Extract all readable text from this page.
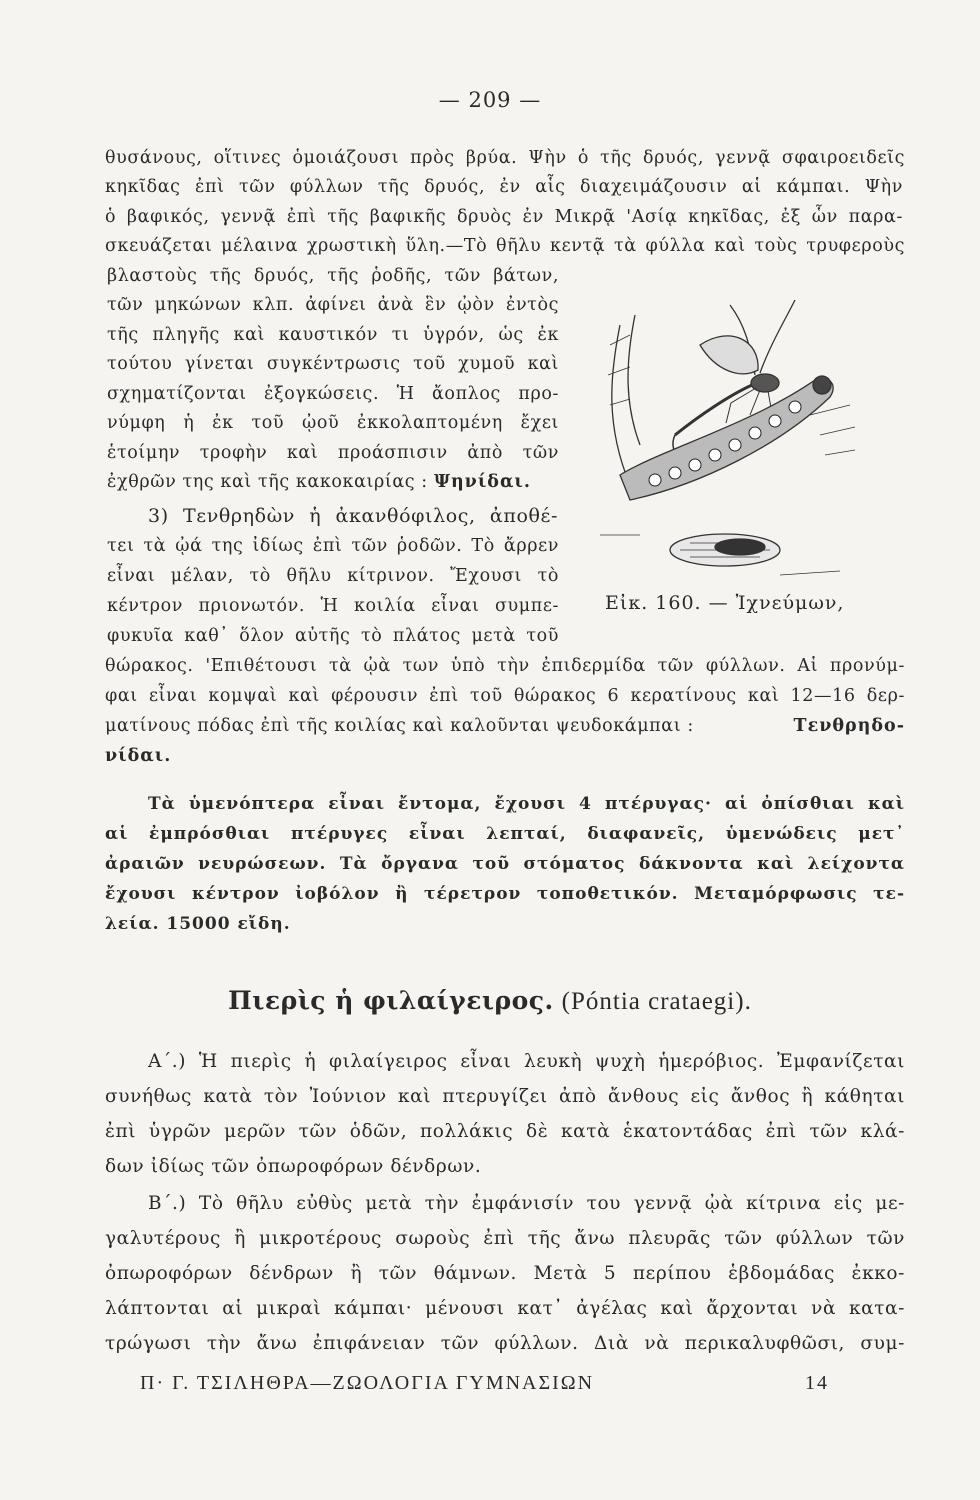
— 209 —
θυσάνους, οἵτινες ὁμοιάζουσι πρὸς βρύα. Ψὴν ὁ τῆς δρυός, γεννᾷ σφαιροειδεῖς
κηκῖδας ἐπὶ τῶν φύλλων τῆς δρυός, ἐν αἷς διαχειμάζουσιν αἱ κάμπαι. Ψὴν
ὁ βαφικός, γεννᾷ ἐπὶ τῆς βαφικῆς δρυὸς ἐν Μικρᾷ 'Ασίᾳ κηκῖδας, ἐξ ὧν παρα-
σκευάζεται μέλαινα χρωστικὴ ὕλη.—Τὸ θῆλυ κεντᾷ τὰ φύλλα καὶ τοὺς τρυφεροὺς
βλαστοὺς τῆς δρυός, τῆς ῥοδῆς, τῶν βάτων,
τῶν μηκώνων κλπ. ἀφίνει ἀνὰ ἓν ᾠὸν ἐντὸς
τῆς πληγῆς καὶ καυστικόν τι ὑγρόν, ὡς ἐκ
τούτου γίνεται συγκέντρωσις τοῦ χυμοῦ καὶ
σχηματίζονται ἐξογκώσεις. Ἡ ἄοπλος προ-
νύμφη ἡ ἐκ τοῦ ᾠοῦ ἐκκολαπτομένη ἔχει
ἑτοίμην τροφὴν καὶ προάσπισιν ἀπὸ τῶν
ἐχθρῶν της καὶ τῆς κακοκαιρίας : Ψηνίδαι.
3) Τενθρηδὼν ἡ ἀκανθόφιλος, ἀποθέ-
τει τὰ ᾠά της ἰδίως ἐπὶ τῶν ῥοδῶν. Τὸ ἄρρεν
εἶναι μέλαν, τὸ θῆλυ κίτρινον. Ἔχουσι τὸ
κέντρον πριονωτόν. Ἡ κοιλία εἶναι συμπε-
φυκυῖα καθ᾿ ὅλον αὐτῆς τὸ πλάτος μετὰ τοῦ
Εἰκ. 160. — Ἰχνεύμων,
θώρακος. 'Επιθέτουσι τὰ ᾠὰ των ὑπὸ τὴν ἐπιδερμίδα τῶν φύλλων. Αἱ προνύμ-
φαι εἶναι κομψαὶ καὶ φέρουσιν ἐπὶ τοῦ θώρακος 6 κερατίνους καὶ 12—16 δερ-
ματίνους πόδας ἐπὶ τῆς κοιλίας καὶ καλοῦνται ψευδοκάμπαι :	Τενθρηδο-
νίδαι.
Τὰ ὑμενόπτερα εἶναι ἔντομα, ἔχουσι 4 πτέρυγας· αἱ ὀπίσθιαι καὶ
αἱ ἐμπρόσθιαι πτέρυγες εἶναι λεπταί, διαφανεῖς, ὑμενώδεις μετ᾿
ἀραιῶν νευρώσεων. Τὰ ὄργανα τοῦ στόματος δάκνοντα καὶ λείχοντα
ἔχουσι κέντρον ἰοβόλον ἢ τέρετρον τοποθετικόν. Μεταμόρφωσις τε-
λεία. 15000 εἴδη.
Πιερὶς ἡ φιλαίγειρος. (Póntia crataegi).
Α΄.) Ἡ πιερὶς ἡ φιλαίγειρος εἶναι λευκὴ ψυχὴ ἡμερόβιος. Ἐμφανίζεται
συνήθως κατὰ τὸν Ἰούνιον καὶ πτερυγίζει ἀπὸ ἄνθους εἰς ἄνθος ἢ κάθηται
ἐπὶ ὑγρῶν μερῶν τῶν ὁδῶν, πολλάκις δὲ κατὰ ἑκατοντάδας ἐπὶ τῶν κλά-
δων ἰδίως τῶν ὀπωροφόρων δένδρων.
Β΄.) Τὸ θῆλυ εὐθὺς μετὰ τὴν ἐμφάνισίν του γεννᾷ ᾠὰ κίτρινα εἰς με-
γαλυτέρους ἢ μικροτέρους σωροὺς ἐπὶ τῆς ἄνω πλευρᾶς τῶν φύλλων τῶν
ὀπωροφόρων δένδρων ἢ τῶν θάμνων. Μετὰ 5 περίπου ἑβδομάδας ἐκκο-
λάπτονται αἱ μικραὶ κάμπαι· μένουσι κατ᾿ ἀγέλας καὶ ἄρχονται νὰ κατα-
τρώγωσι τὴν ἄνω ἐπιφάνειαν τῶν φύλλων. Διὰ νὰ περικαλυφθῶσι, συμ-
Π· Γ. ΤΣΙΛΗΘΡΑ—ΖΩΟΛΟΓΙΑ ΓΥΜΝΑΣΙΩΝ	14
